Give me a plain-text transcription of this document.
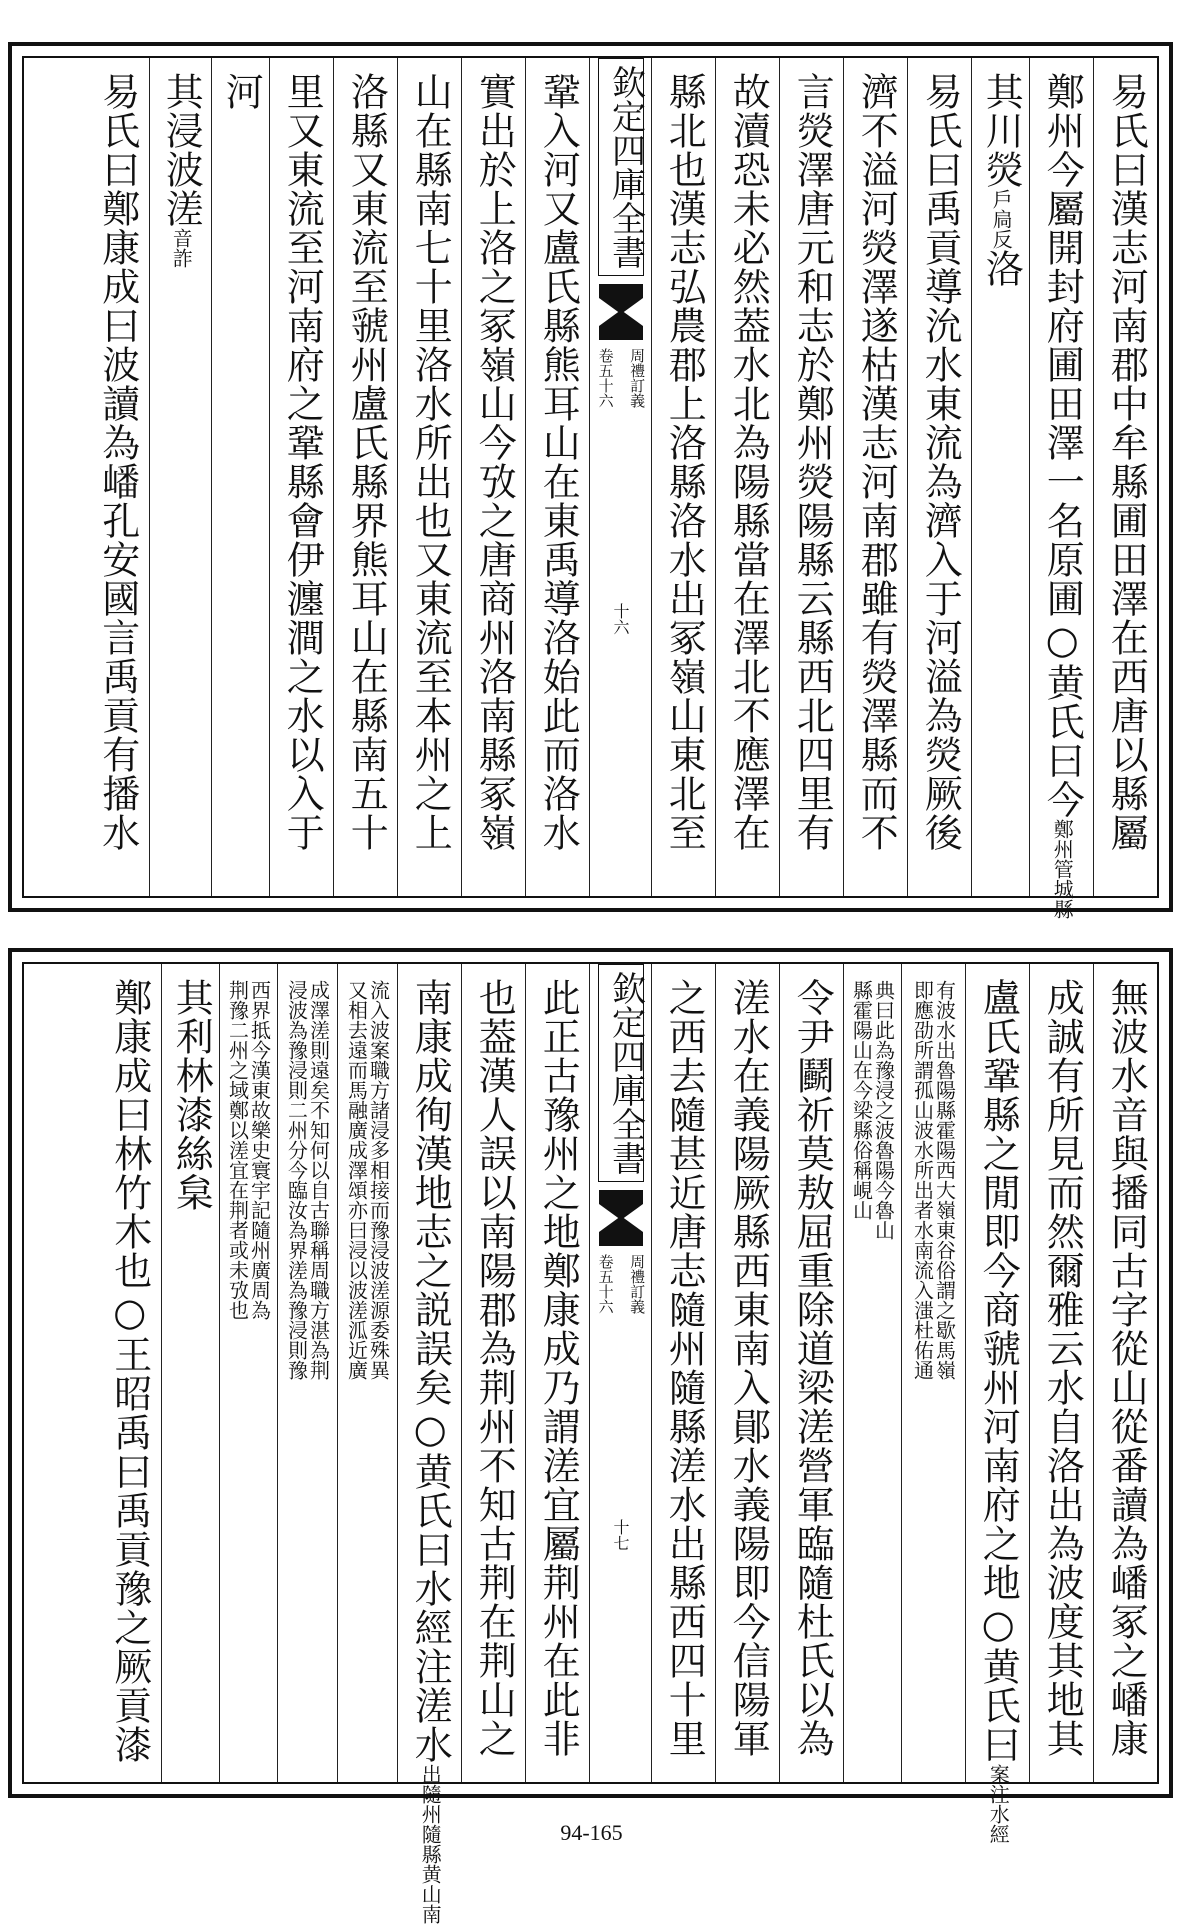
易氏曰漢志河南郡中牟縣圃田澤在西唐以縣屬
鄭州今屬開封府圃田澤一名原圃○黄氏曰今鄭州管城縣
其川熒戶扃反洛
易氏曰禹貢導沇水東流為濟入于河溢為熒厥後
濟不溢河熒澤遂枯漢志河南郡雖有熒澤縣而不
言熒澤唐元和志於鄭州熒陽縣云縣西北四里有
故瀆恐未必然葢水北為陽縣當在澤北不應澤在
縣北也漢志弘農郡上洛縣洛水出冢嶺山東北至
欽定四庫全書
周禮訂義
卷五十六
十六
鞏入河又盧氏縣熊耳山在東禹導洛始此而洛水
實出於上洛之冢嶺山今攷之唐商州洛南縣冢嶺
山在縣南七十里洛水所出也又東流至本州之上
洛縣又東流至虢州盧氏縣界熊耳山在縣南五十
里又東流至河南府之鞏縣會伊瀍澗之水以入于
河
其浸波溠音詐
易氏曰鄭康成曰波讀為嶓孔安國言禹貢有播水
無波水音與播同古字從山從番讀為嶓冢之嶓康
成誠有所見而然爾雅云水自洛出為波度其地其
盧氏鞏縣之閒即今商虢州河南府之地○黄氏曰案注水經
有波水出魯陽縣霍陽西大嶺東谷俗謂之歇馬嶺
即應劭所謂孤山波水所出者水南流入滍杜佑通
典曰此為豫浸之波魯陽今魯山
縣霍陽山在今梁縣俗稱峴山
令尹鬬祈莫敖屈重除道梁溠營軍臨隨杜氏以為
溠水在義陽厥縣西東南入鄖水義陽即今信陽軍
之西去隨甚近唐志隨州隨縣溠水出縣西四十里
欽定四庫全書
周禮訂義
卷五十六
十七
此正古豫州之地鄭康成乃謂溠宜屬荆州在此非
也葢漢人誤以南陽郡為荆州不知古荆在荆山之
南康成徇漢地志之説誤矣○黄氏曰水經注溠水出隨州隨縣黄山南
流入波案職方諸浸多相接而豫浸波溠源委殊異
又相去遠而馬融廣成澤頌亦曰浸以波溠泒近廣
成澤溠則遠矣不知何以自古聯稱周職方湛為荆
浸波為豫浸則二州分今臨汝為界溠為豫浸則豫
西界抵今漢東故樂史寰宇記隨州廣周為
荆豫二州之域鄭以溠宜在荆者或未攷也
其利林漆絲枲
鄭康成曰林竹木也○王昭禹曰禹貢豫之厥貢漆
94-165
